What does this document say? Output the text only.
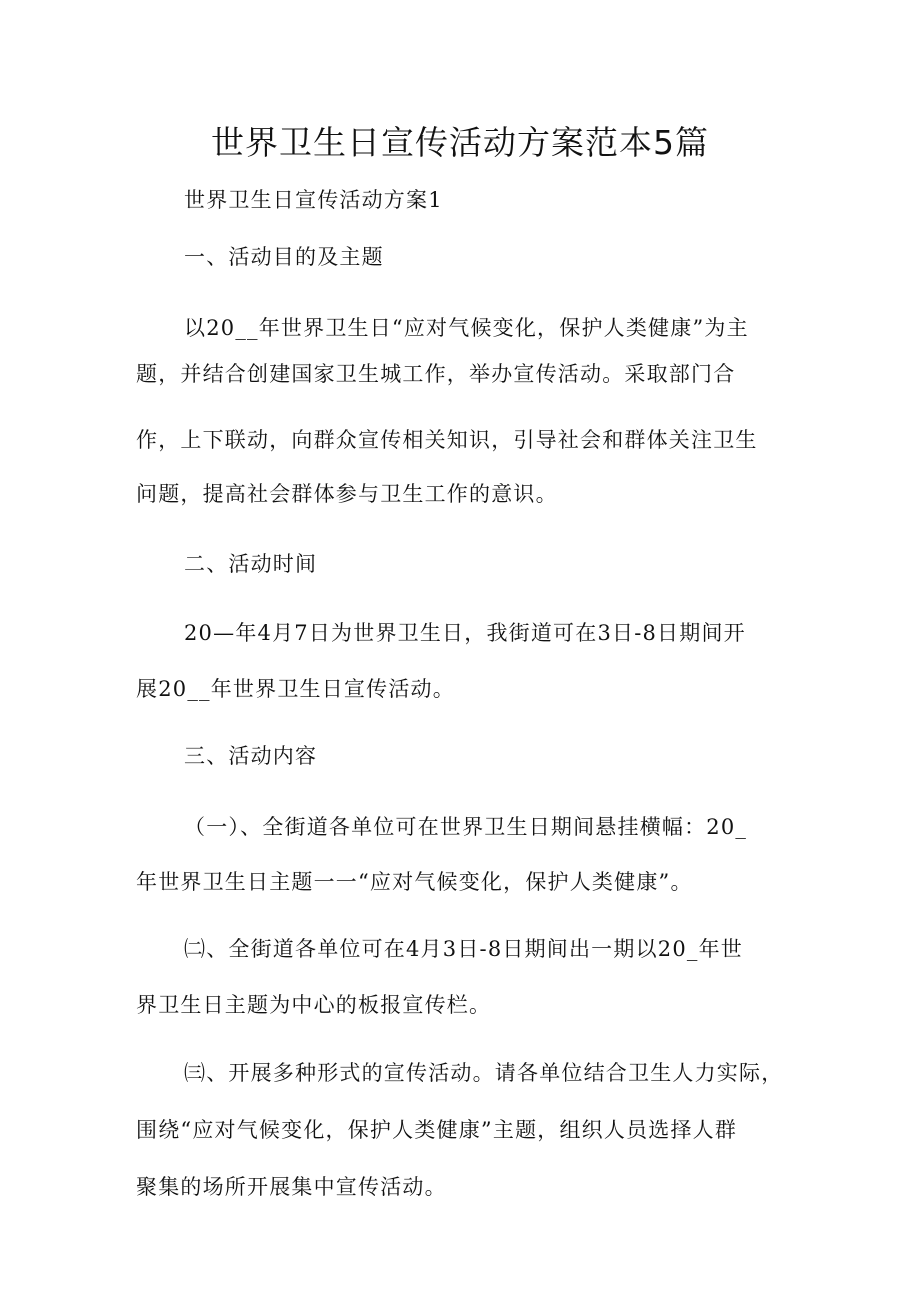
世界卫生日宣传活动方案范本5篇

世界卫生日宣传活动方案1

一、活动目的及主题

以20__年世界卫生日“应对气候变化，保护人类健康”为主

题，并结合创建国家卫生城工作，举办宣传活动。采取部门合

作，上下联动，向群众宣传相关知识，引导社会和群体关注卫生

问题，提高社会群体参与卫生工作的意识。

二、活动时间

20—年4月7日为世界卫生日，我街道可在3日-8日期间开

展20__年世界卫生日宣传活动。

三、活动内容

（一）、全街道各单位可在世界卫生日期间悬挂横幅：20_

年世界卫生日主题一一“应对气候变化，保护人类健康”。

㈡、全街道各单位可在4月3日-8日期间出一期以20_年世

界卫生日主题为中心的板报宣传栏。

㈢、开展多种形式的宣传活动。请各单位结合卫生人力实际，

围绕“应对气候变化，保护人类健康”主题，组织人员选择人群

聚集的场所开展集中宣传活动。
